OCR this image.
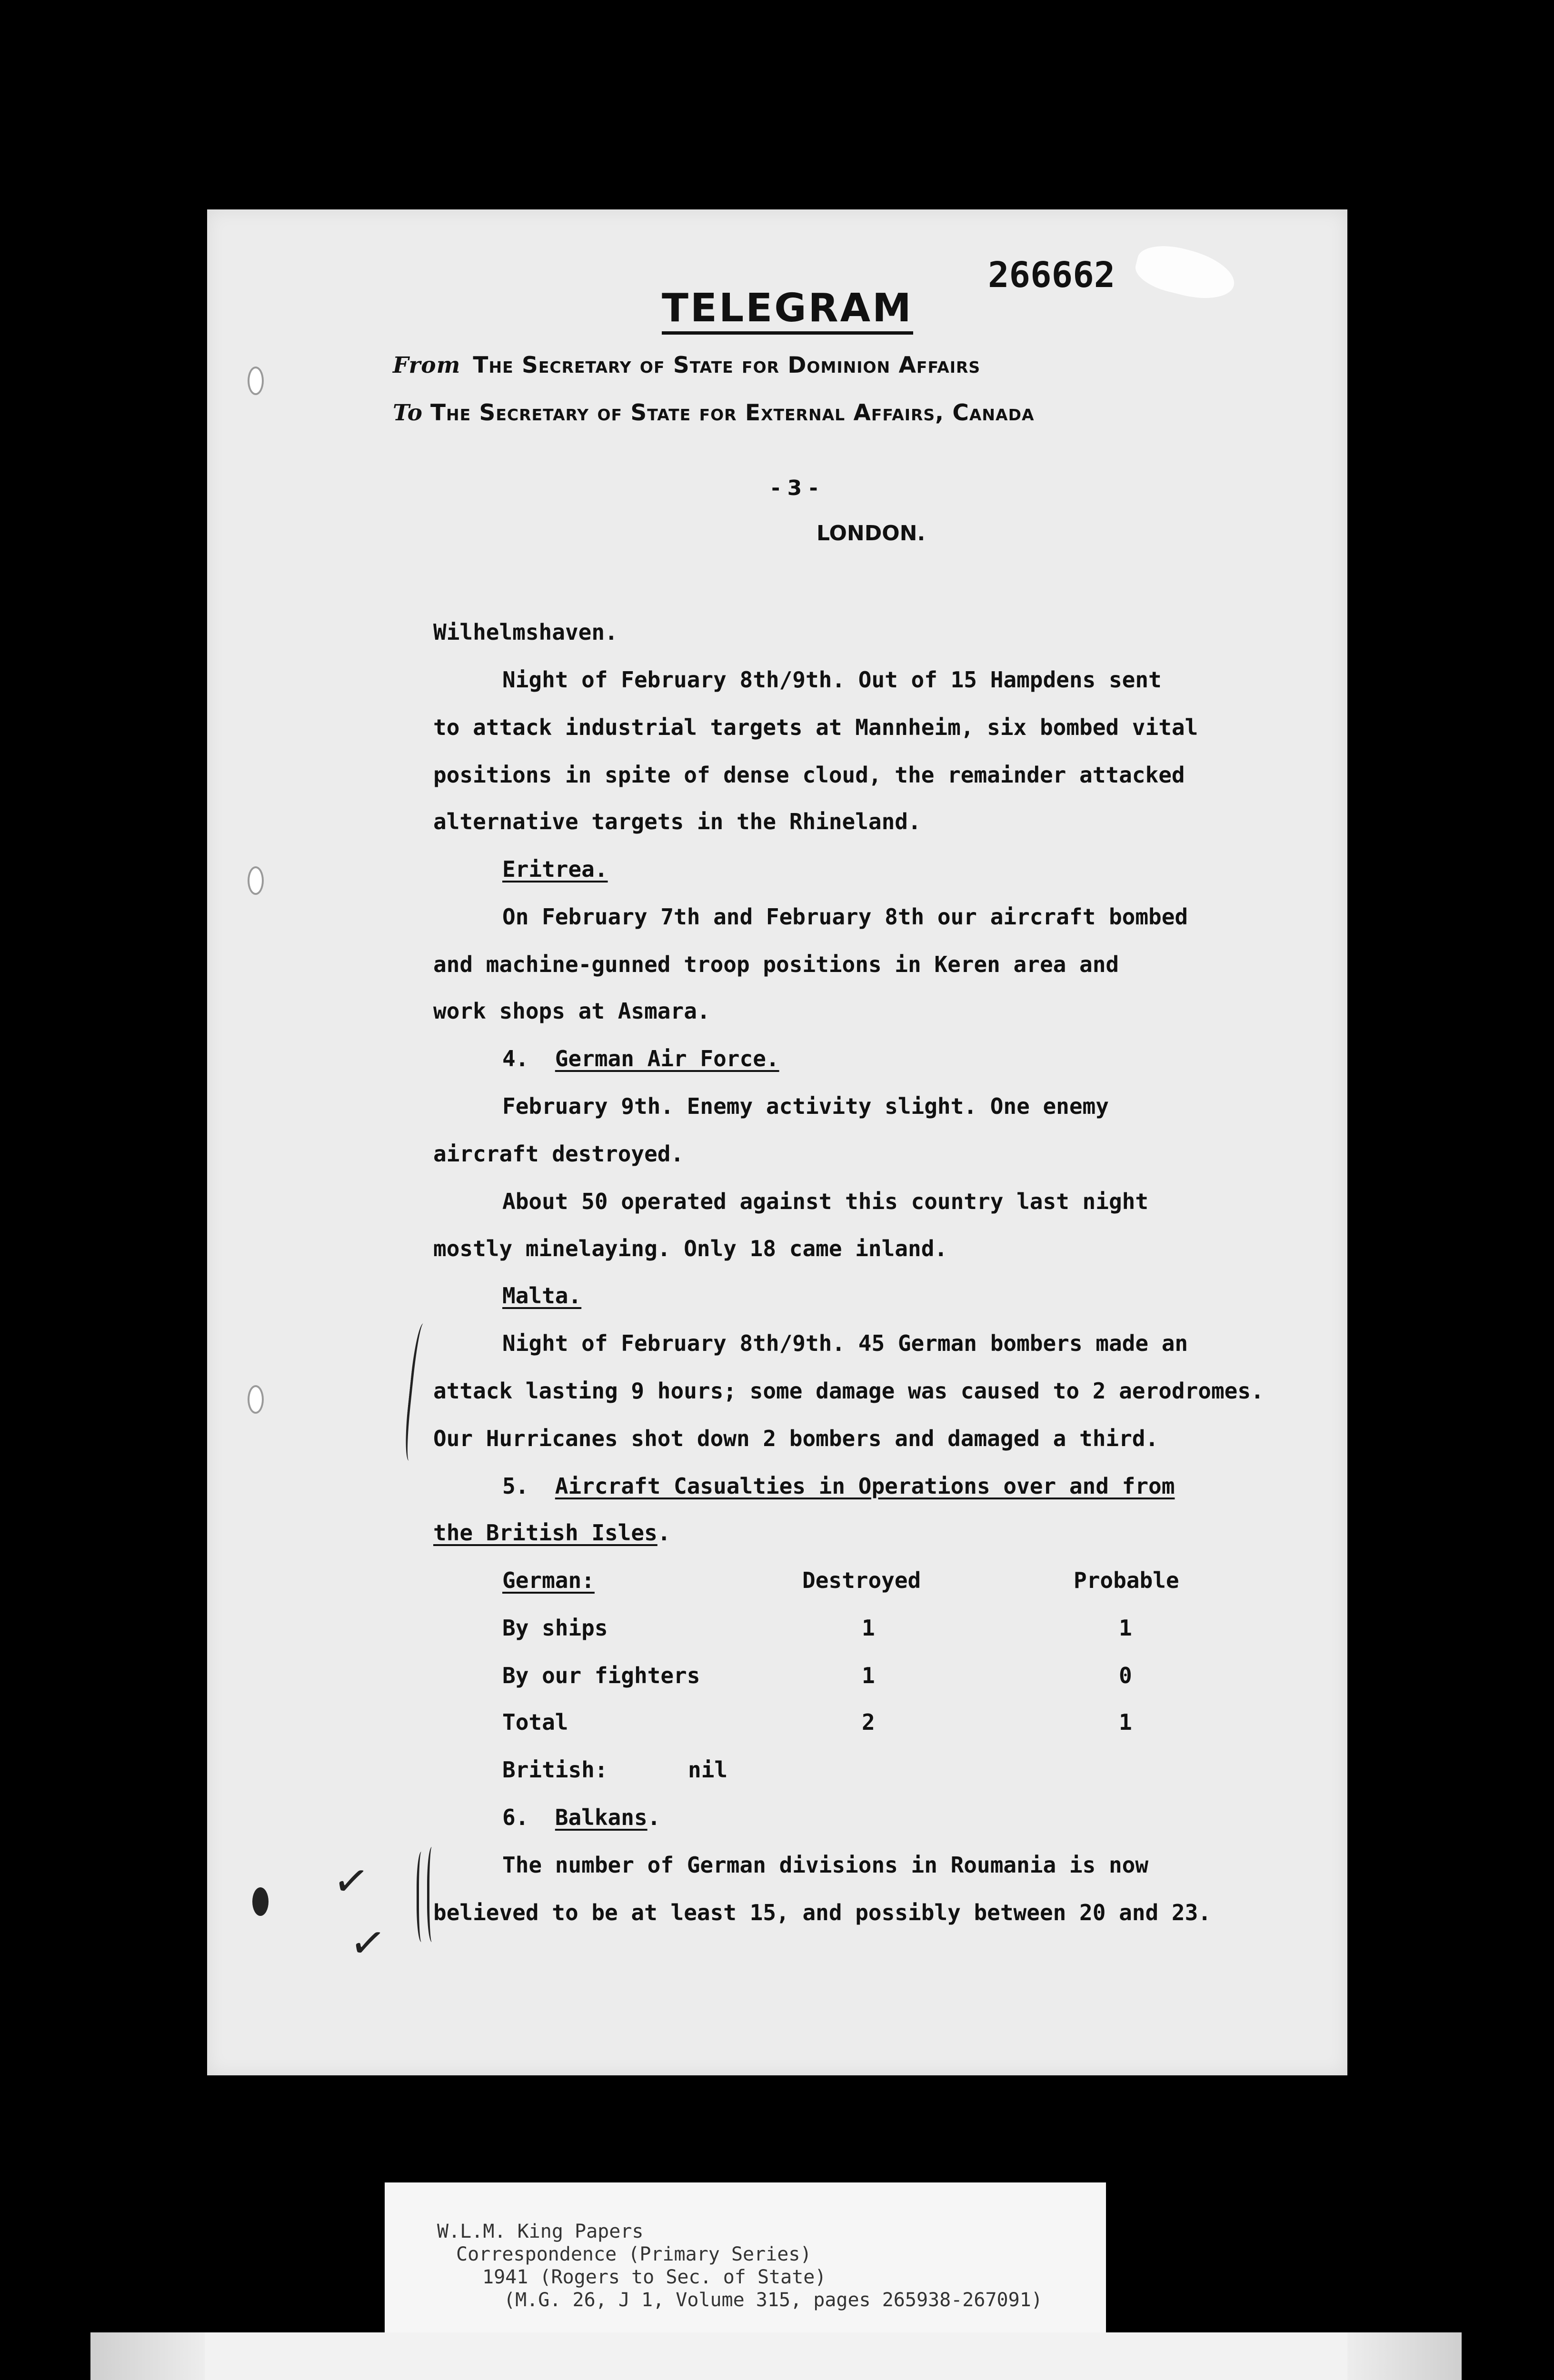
266662
TELEGRAM
From The Secretary of State for Dominion Affairs
To The Secretary of State for External Affairs, Canada
- 3 -
LONDON.
Wilhelmshaven.
Night of February 8th/9th. Out of 15 Hampdens sent
to attack industrial targets at Mannheim, six bombed vital
positions in spite of dense cloud, the remainder attacked
alternative targets in the Rhineland.
Eritrea.
On February 7th and February 8th our aircraft bombed
and machine-gunned troop positions in Keren area and
work shops at Asmara.
4. German Air Force.
February 9th. Enemy activity slight. One enemy
aircraft destroyed.
About 50 operated against this country last night
mostly minelaying. Only 18 came inland.
Malta.
Night of February 8th/9th. 45 German bombers made an
attack lasting 9 hours; some damage was caused to 2 aerodromes.
Our Hurricanes shot down 2 bombers and damaged a third.
5. Aircraft Casualties in Operations over and from
the British Isles.
German:	Destroyed	Probable
By ships	1	1
By our fighters	1	0
Total	2	1
British:	nil
6. Balkans.
The number of German divisions in Roumania is now
believed to be at least 15, and possibly between 20 and 23.
✓
✓
W.L.M. King Papers
Correspondence (Primary Series)
1941 (Rogers to Sec. of State)
(M.G. 26, J 1, Volume 315, pages 265938-267091)
